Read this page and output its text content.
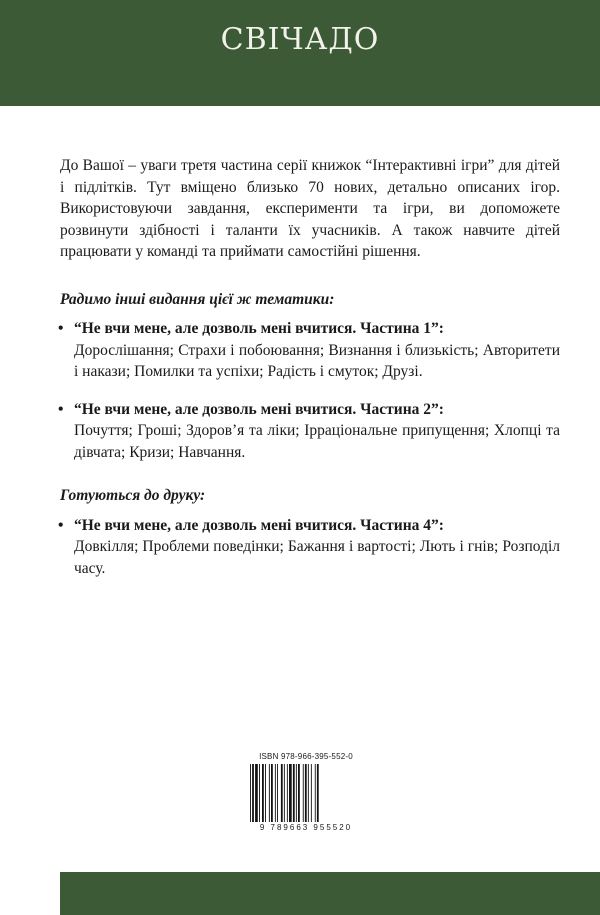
СВІЧАДО

До Вашої – уваги третя частина серії книжок “Інтерактивні ігри” для дітей і підлітків. Тут вміщено близько 70 нових, детально описаних ігор. Використовуючи завдання, експерименти та ігри, ви допоможете розвинути здібності і таланти їх учасників. А також навчите дітей працювати у команді та приймати самостійні рішення.

Радимо інші видання цієї ж тематики:
• “Не вчи мене, але дозволь мені вчитися. Частина 1”:
Дорослішання; Страхи і побоювання; Визнання і близькість; Авторитети і накази; Помилки та успіхи; Радість і смуток; Друзі.
• “Не вчи мене, але дозволь мені вчитися. Частина 2”:
Почуття; Гроші; Здоров’я та ліки; Ірраціональне припущення; Хлопці та дівчата; Кризи; Навчання.
Готуються до друку:
• “Не вчи мене, але дозволь мені вчитися. Частина 4”:
Довкілля; Проблеми поведінки; Бажання і вартості; Лють і гнів; Розподіл часу.
ISBN 978-966-395-552-0
9 789663 955520
